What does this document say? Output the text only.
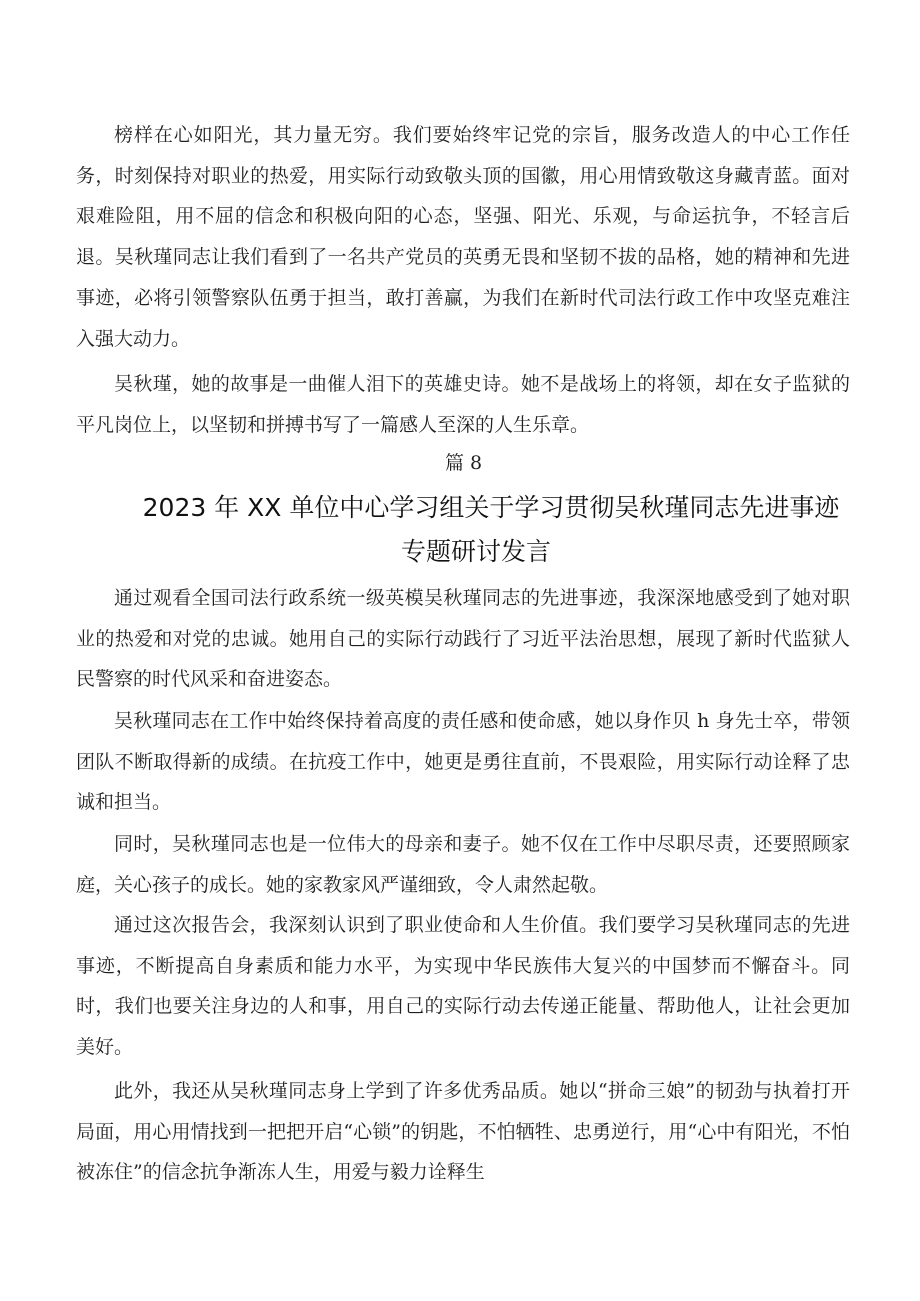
榜样在心如阳光，其力量无穷。我们要始终牢记党的宗旨，服务改造人的中心工作任务，时刻保持对职业的热爱，用实际行动致敬头顶的国徽，用心用情致敬这身藏青蓝。面对艰难险阻，用不屈的信念和积极向阳的心态，坚强、阳光、乐观，与命运抗争，不轻言后退。吴秋瑾同志让我们看到了一名共产党员的英勇无畏和坚韧不拔的品格，她的精神和先进事迹，必将引领警察队伍勇于担当，敢打善赢，为我们在新时代司法行政工作中攻坚克难注入强大动力。

吴秋瑾，她的故事是一曲催人泪下的英雄史诗。她不是战场上的将领，却在女子监狱的平凡岗位上，以坚韧和拼搏书写了一篇感人至深的人生乐章。

篇 8
2023 年 XX 单位中心学习组关于学习贯彻吴秋瑾同志先进事迹
专题研讨发言

通过观看全国司法行政系统一级英模吴秋瑾同志的先进事迹，我深深地感受到了她对职业的热爱和对党的忠诚。她用自己的实际行动践行了习近平法治思想，展现了新时代监狱人民警察的时代风采和奋进姿态。

吴秋瑾同志在工作中始终保持着高度的责任感和使命感，她以身作贝 h 身先士卒，带领团队不断取得新的成绩。在抗疫工作中，她更是勇往直前，不畏艰险，用实际行动诠释了忠诚和担当。

同时，吴秋瑾同志也是一位伟大的母亲和妻子。她不仅在工作中尽职尽责，还要照顾家庭，关心孩子的成长。她的家教家风严谨细致，令人肃然起敬。

通过这次报告会，我深刻认识到了职业使命和人生价值。我们要学习吴秋瑾同志的先进事迹，不断提高自身素质和能力水平，为实现中华民族伟大复兴的中国梦而不懈奋斗。同时，我们也要关注身边的人和事，用自己的实际行动去传递正能量、帮助他人，让社会更加美好。

此外，我还从吴秋瑾同志身上学到了许多优秀品质。她以“拼命三娘”的韧劲与执着打开局面，用心用情找到一把把开启“心锁”的钥匙，不怕牺牲、忠勇逆行，用“心中有阳光，不怕被冻住”的信念抗争渐冻人生，用爱与毅力诠释生
